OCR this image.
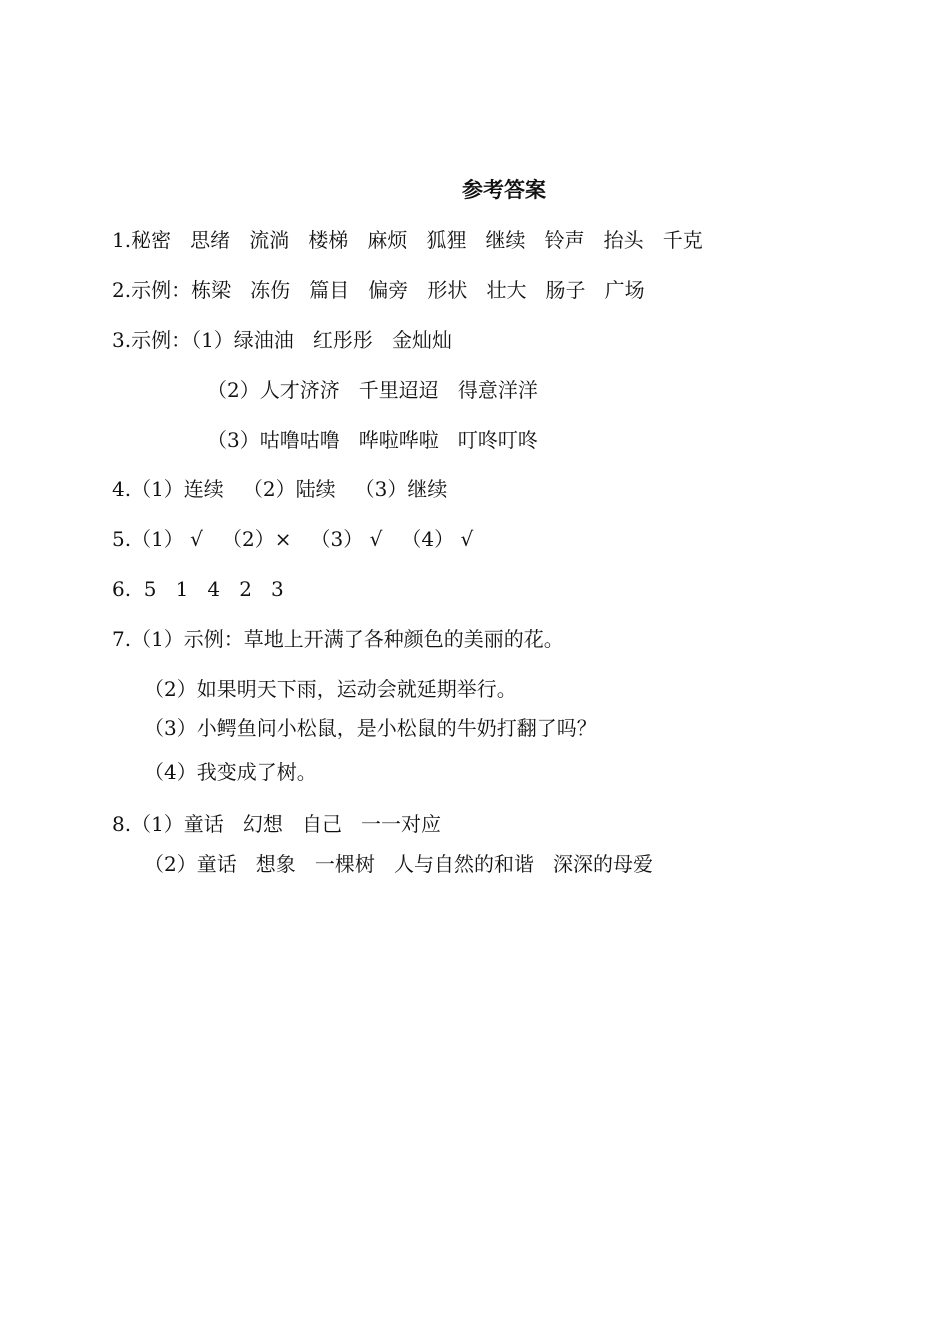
参考答案
1.秘密   思绪   流淌   楼梯   麻烦   狐狸   继续   铃声   抬头   千克
2.示例：栋梁   冻伤   篇目   偏旁   形状   壮大   肠子   广场
3.示例：（1）绿油油   红彤彤   金灿灿
（2）人才济济   千里迢迢   得意洋洋
（3）咕噜咕噜   哗啦哗啦   叮咚叮咚
4.（1）连续   （2）陆续   （3）继续
5.（1） √   （2）×   （3） √   （4） √
6.  5   1   4   2   3
7.（1）示例：草地上开满了各种颜色的美丽的花。
（2）如果明天下雨，运动会就延期举行。
（3）小鳄鱼问小松鼠，是小松鼠的牛奶打翻了吗？
（4）我变成了树。
8.（1）童话   幻想   自己   一一对应
（2）童话   想象   一棵树   人与自然的和谐   深深的母爱
